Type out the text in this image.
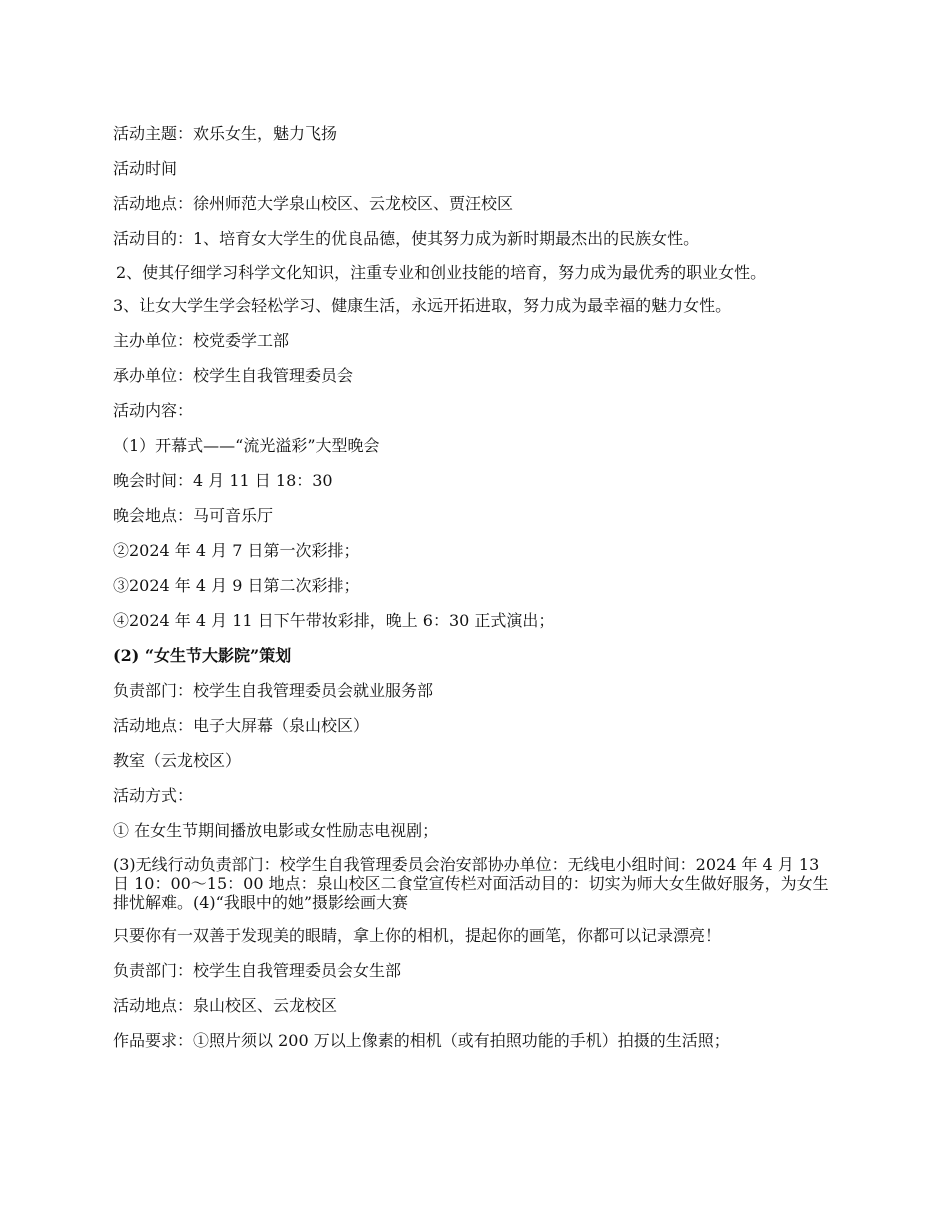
活动主题：欢乐女生，魅力飞扬

活动时间

活动地点：徐州师范大学泉山校区、云龙校区、贾汪校区

活动目的：1、培育女大学生的优良品德，使其努力成为新时期最杰出的民族女性。

2、使其仔细学习科学文化知识，注重专业和创业技能的培育，努力成为最优秀的职业女性。

3、让女大学生学会轻松学习、健康生活，永远开拓进取，努力成为最幸福的魅力女性。

主办单位：校党委学工部

承办单位：校学生自我管理委员会

活动内容：

（1）开幕式——“流光溢彩”大型晚会

晚会时间：4 月 11 日 18：30

晚会地点：马可音乐厅

②2024 年 4 月 7 日第一次彩排；

③2024 年 4 月 9 日第二次彩排；

④2024 年 4 月 11 日下午带妆彩排，晚上 6：30 正式演出；

(2) “女生节大影院”策划

负责部门：校学生自我管理委员会就业服务部

活动地点：电子大屏幕（泉山校区）

教室（云龙校区）

活动方式：

① 在女生节期间播放电影或女性励志电视剧；

(3)无线行动负责部门：校学生自我管理委员会治安部协办单位：无线电小组时间：2024 年 4 月 13 日 10：00～15：00 地点：泉山校区二食堂宣传栏对面活动目的：切实为师大女生做好服务，为女生排忧解难。(4)“我眼中的她”摄影绘画大赛

只要你有一双善于发现美的眼睛，拿上你的相机，提起你的画笔，你都可以记录漂亮！

负责部门：校学生自我管理委员会女生部

活动地点：泉山校区、云龙校区

作品要求：①照片须以 200 万以上像素的相机（或有拍照功能的手机）拍摄的生活照；
